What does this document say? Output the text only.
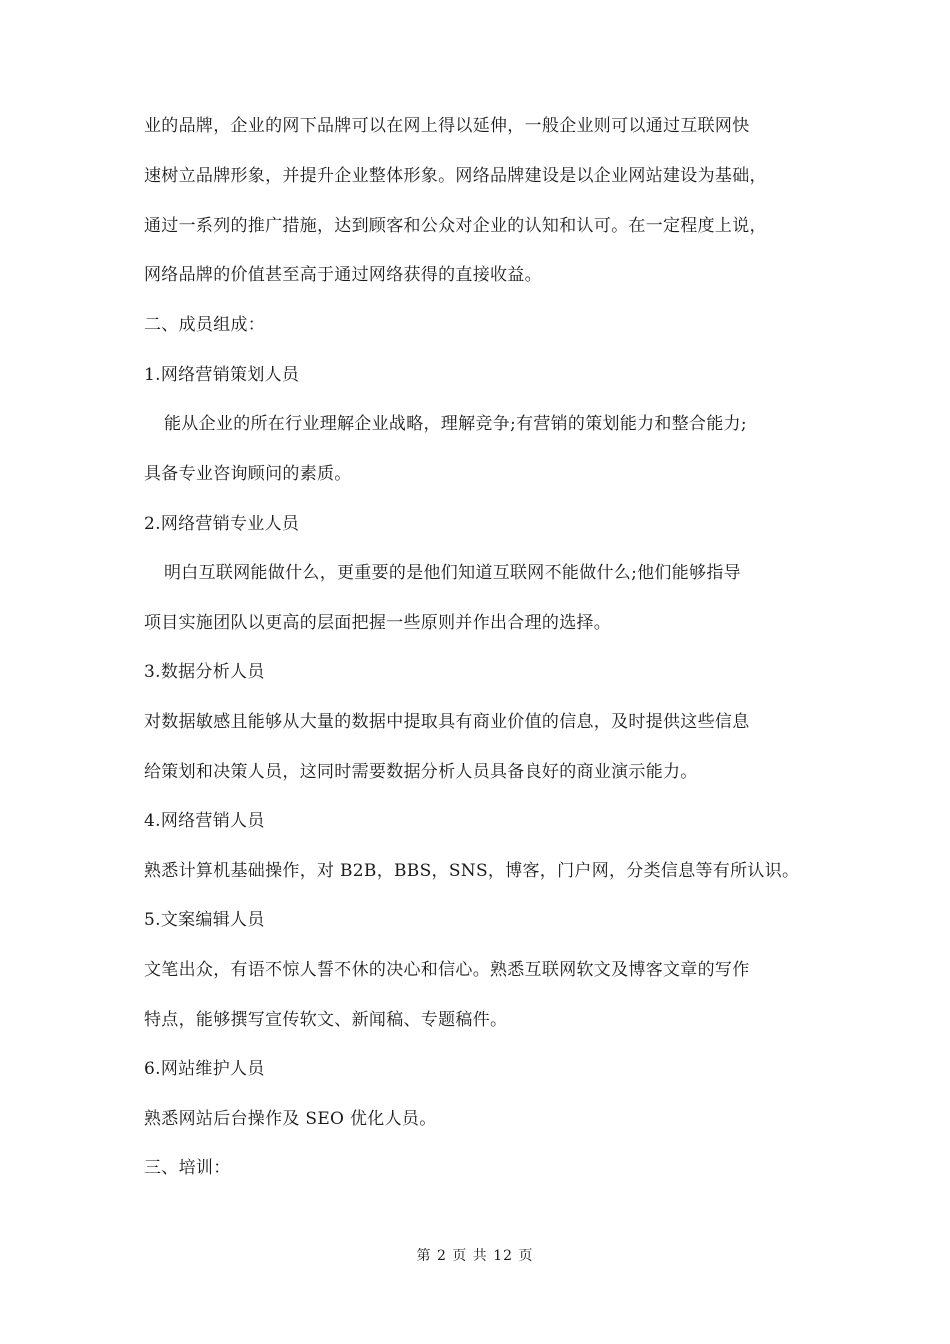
业的品牌，企业的网下品牌可以在网上得以延伸，一般企业则可以通过互联网快
速树立品牌形象，并提升企业整体形象。网络品牌建设是以企业网站建设为基础，
通过一系列的推广措施，达到顾客和公众对企业的认知和认可。在一定程度上说，
网络品牌的价值甚至高于通过网络获得的直接收益。
二、成员组成：
1.网络营销策划人员
能从企业的所在行业理解企业战略，理解竞争;有营销的策划能力和整合能力;
具备专业咨询顾问的素质。
2.网络营销专业人员
明白互联网能做什么，更重要的是他们知道互联网不能做什么;他们能够指导
项目实施团队以更高的层面把握一些原则并作出合理的选择。
3.数据分析人员
对数据敏感且能够从大量的数据中提取具有商业价值的信息，及时提供这些信息
给策划和决策人员，这同时需要数据分析人员具备良好的商业演示能力。
4.网络营销人员
熟悉计算机基础操作，对 B2B，BBS，SNS，博客，门户网，分类信息等有所认识。
5.文案编辑人员
文笔出众，有语不惊人誓不休的决心和信心。熟悉互联网软文及博客文章的写作
特点，能够撰写宣传软文、新闻稿、专题稿件。
6.网站维护人员
熟悉网站后台操作及 SEO 优化人员。
三、培训：
第 2 页 共 12 页
